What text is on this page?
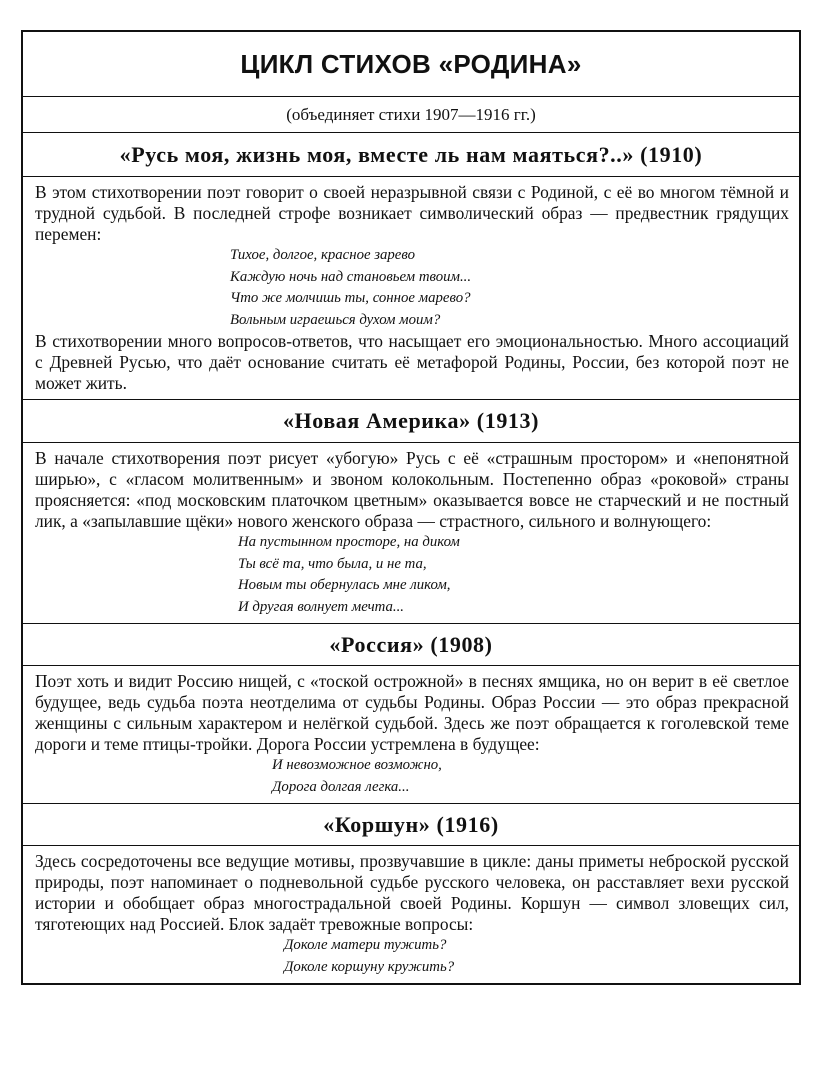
ЦИКЛ СТИХОВ «РОДИНА»
(объединяет стихи 1907—1916 гг.)
«Русь моя, жизнь моя, вместе ль нам маяться?..» (1910)

В этом стихотворении поэт говорит о своей неразрывной связи с Родиной, с её во многом тёмной и трудной судьбой. В последней строфе возникает символический образ — предвестник грядущих перемен:

Тихое, долгое, красное зарево
Каждую ночь над становьем твоим...
Что же молчишь ты, сонное марево?
Вольным играешься духом моим?

В стихотворении много вопросов-ответов, что насыщает его эмоциональностью. Много ассоциаций с Древней Русью, что даёт основание считать её метафорой Родины, России, без которой поэт не может жить.

«Новая Америка» (1913)

В начале стихотворения поэт рисует «убогую» Русь с её «страшным простором» и «непонятной ширью», с «гласом молитвенным» и звоном колокольным. Постепенно образ «роковой» страны проясняется: «под московским платочком цветным» оказывается вовсе не старческий и не постный лик, а «запылавшие щёки» нового женского образа — страстного, сильного и волнующего:

На пустынном просторе, на диком
Ты всё та, что была, и не та,
Новым ты обернулась мне ликом,
И другая волнует мечта...
«Россия» (1908)

Поэт хоть и видит Россию нищей, с «тоской острожной» в песнях ямщика, но он верит в её светлое будущее, ведь судьба поэта неотделима от судьбы Родины. Образ России — это образ прекрасной женщины с сильным характером и нелёгкой судьбой. Здесь же поэт обращается к гоголевской теме дороги и теме птицы-тройки. Дорога России устремлена в будущее:

И невозможное возможно,
Дорога долгая легка...
«Коршун» (1916)

Здесь сосредоточены все ведущие мотивы, прозвучавшие в цикле: даны приметы неброской русской природы, поэт напоминает о подневольной судьбе русского человека, он расставляет вехи русской истории и обобщает образ многострадальной своей Родины. Коршун — символ зловещих сил, тяготеющих над Россией. Блок задаёт тревожные вопросы:

Доколе матери тужить?
Доколе коршуну кружить?
